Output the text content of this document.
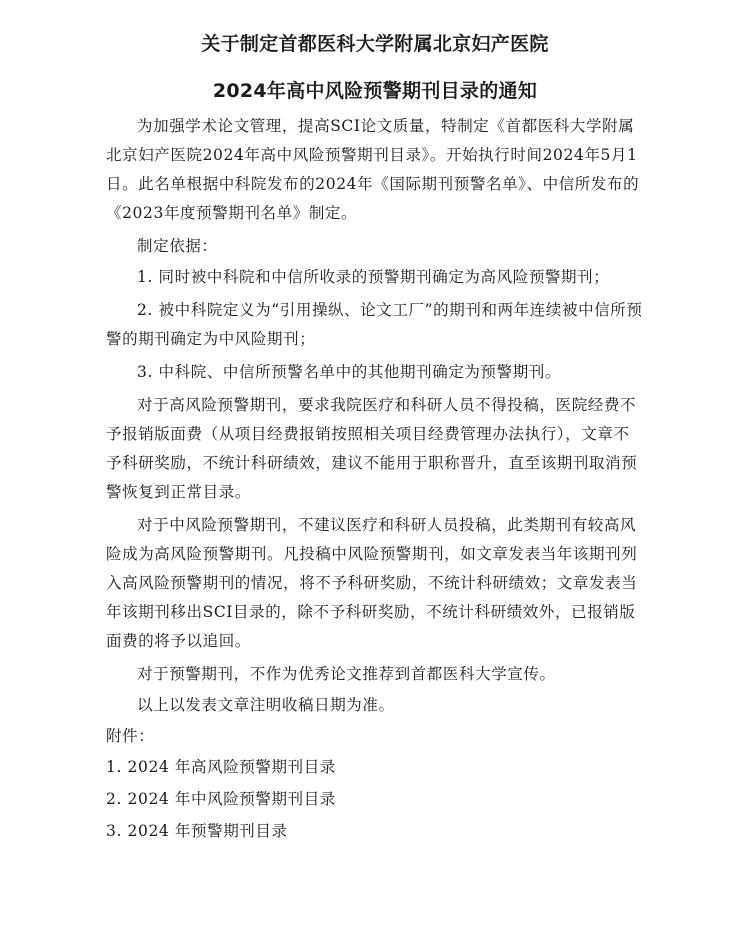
关于制定首都医科大学附属北京妇产医院
2024年高中风险预警期刊目录的通知

为加强学术论文管理，提高SCI论文质量，特制定《首都医科大学附属北京妇产医院2024年高中风险预警期刊目录》。开始执行时间2024年5月1日。此名单根据中科院发布的2024年《国际期刊预警名单》、中信所发布的《2023年度预警期刊名单》制定。

制定依据：

1. 同时被中科院和中信所收录的预警期刊确定为高风险预警期刊；

2. 被中科院定义为“引用操纵、论文工厂”的期刊和两年连续被中信所预警的期刊确定为中风险期刊；

3. 中科院、中信所预警名单中的其他期刊确定为预警期刊。

对于高风险预警期刊，要求我院医疗和科研人员不得投稿，医院经费不予报销版面费（从项目经费报销按照相关项目经费管理办法执行），文章不予科研奖励，不统计科研绩效，建议不能用于职称晋升，直至该期刊取消预警恢复到正常目录。

对于中风险预警期刊，不建议医疗和科研人员投稿，此类期刊有较高风险成为高风险预警期刊。凡投稿中风险预警期刊，如文章发表当年该期刊列入高风险预警期刊的情况，将不予科研奖励，不统计科研绩效；文章发表当年该期刊移出SCI目录的，除不予科研奖励，不统计科研绩效外，已报销版面费的将予以追回。

对于预警期刊，不作为优秀论文推荐到首都医科大学宣传。

以上以发表文章注明收稿日期为准。

附件：

1. 2024 年高风险预警期刊目录
2. 2024 年中风险预警期刊目录
3. 2024 年预警期刊目录
